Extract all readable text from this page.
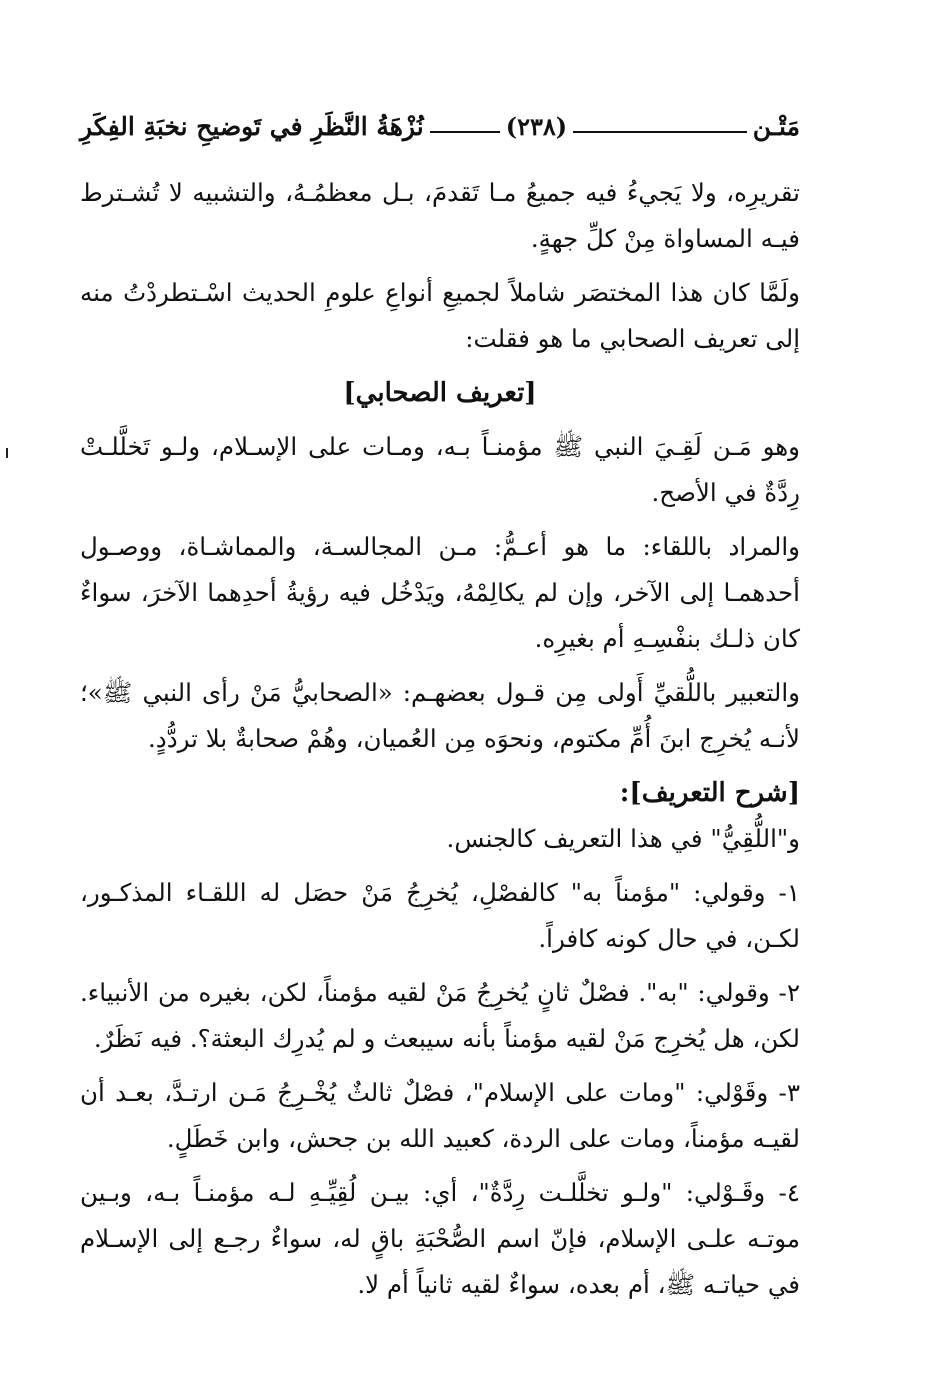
مَتْـن
(٢٣٨)
نُزْهَةُ النَّظَرِ في تَوضيحِ نخبَةِ الفِكَرِ

تقريرِه، ولا يَجيءُ فيه جميعُ مـا تَقدمَ، بـل معظمُـهُ، والتشبيه لا تُشـترط فيـه المساواة مِنْ كلِّ جهةٍ.

ولَمَّا كان هذا المختصَر شاملاً لجميعِ أنواعِ علومِ الحديث اسْـتطردْتُ منه إلى تعريف الصحابي ما هو فقلت:

[تعريف الصحابي]

وهو مَـن لَقِـيَ النبي ﷺ مؤمنـاً بـه، ومـات على الإسـلام، ولـو تَخلَّلـتْ رِدَّةٌ في الأصح.

والمراد باللقاء: ما هو أعـمُّ: مـن المجالسـة، والمماشـاة، ووصـول أحدهمـا إلى الآخر، وإن لم يكالِمْهُ، ويَدْخُل فيه رؤيةُ أحدِهما الآخرَ، سواءٌ كان ذلـك بنفْسِـهِ أم بغيرِه.

والتعبير باللُّقيِّ أَولى مِن قـول بعضهـم: «الصحابيُّ مَنْ رأى النبي ﷺ»؛ لأنـه يُخرِج ابنَ أُمِّ مكتوم، ونحوَه مِن العُميان، وهُمْ صحابةٌ بلا تردُّدٍ.

[شرح التعريف]:

و"اللُّقِيُّ" في هذا التعريف كالجنس.

١- وقولي: "مؤمناً به" كالفصْلِ، يُخرِجُ مَنْ حصَل له اللقـاء المذكـور، لكـن، في حال كونه كافراً.

٢- وقولي: "به". فصْلٌ ثانٍ يُخرِجُ مَنْ لقيه مؤمناً، لكن، بغيره من الأنبياء. لكن، هل يُخرِج مَنْ لقيه مؤمناً بأنه سيبعث و لم يُدرِك البعثة؟. فيه نَظَرٌ.

٣- وقَوْلي: "ومات على الإسلام"، فصْلٌ ثالثٌ يُخْـرِجُ مَـن ارتـدَّ، بعـد أن لقيـه مؤمناً، ومات على الردة، كعبيد الله بن جحش، وابن خَطَلٍ.

٤- وقَـوْلي: "ولـو تخلَّلـت رِدَّةٌ"، أي: بيـن لُقِيِّـهِ لـه مؤمنـاً بـه، وبـين موتـه علـى الإسلام، فإنّ اسم الصُّحْبَةِ باقٍ له، سواءٌ رجـع إلى الإسـلام في حياتـه ﷺ، أم بعده، سواءٌ لقيه ثانياً أم لا.
